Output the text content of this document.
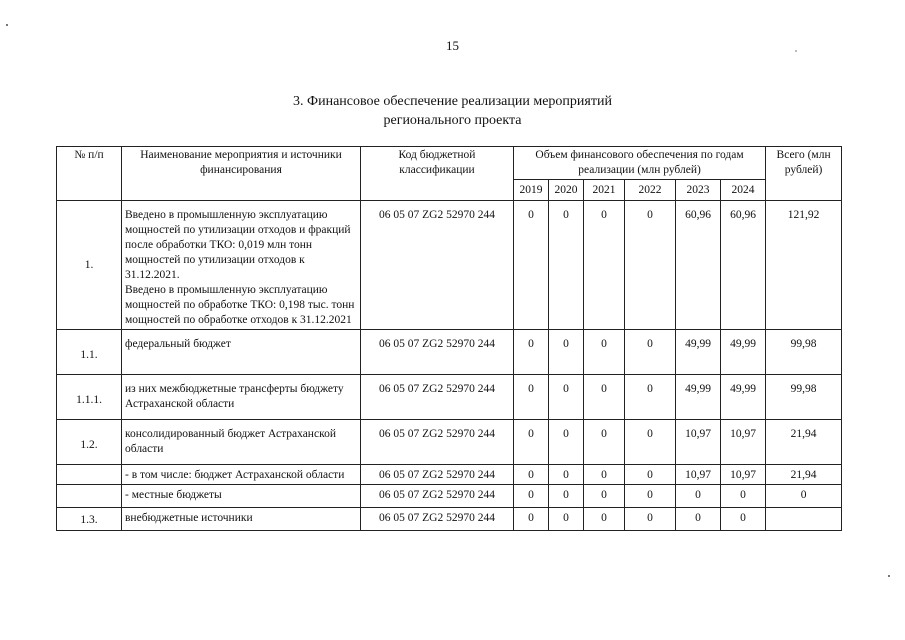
15
3. Финансовое обеспечение реализации мероприятий
регионального проекта
№ п/п	Наименование мероприятия и источники финансирования	Код бюджетной классификации	Объем финансового обеспечения по годам реализации (млн рублей)						Всего (млн рублей)
			2019	2020	2021	2022	2023	2024	
1.	Введено в промышленную эксплуатацию мощностей по утилизации отходов и фракций после обработки ТКО: 0,019 млн тонн мощностей по утилизации отходов к 31.12.2021.
Введено в промышленную эксплуатацию мощностей по обработке ТКО: 0,198 тыс. тонн мощностей по обработке отходов к 31.12.2021	06 05 07 ZG2 52970 244	0	0	0	0	60,96	60,96	121,92
1.1.	федеральный бюджет	06 05 07 ZG2 52970 244	0	0	0	0	49,99	49,99	99,98
1.1.1.	из них межбюджетные трансферты бюджету Астраханской области	06 05 07 ZG2 52970 244	0	0	0	0	49,99	49,99	99,98
1.2.	консолидированный бюджет Астраханской области	06 05 07 ZG2 52970 244	0	0	0	0	10,97	10,97	21,94
	- в том числе: бюджет Астраханской области	06 05 07 ZG2 52970 244	0	0	0	0	10,97	10,97	21,94
	- местные бюджеты	06 05 07 ZG2 52970 244	0	0	0	0	0	0	0
1.3.	внебюджетные источники	06 05 07 ZG2 52970 244	0	0	0	0	0	0	
